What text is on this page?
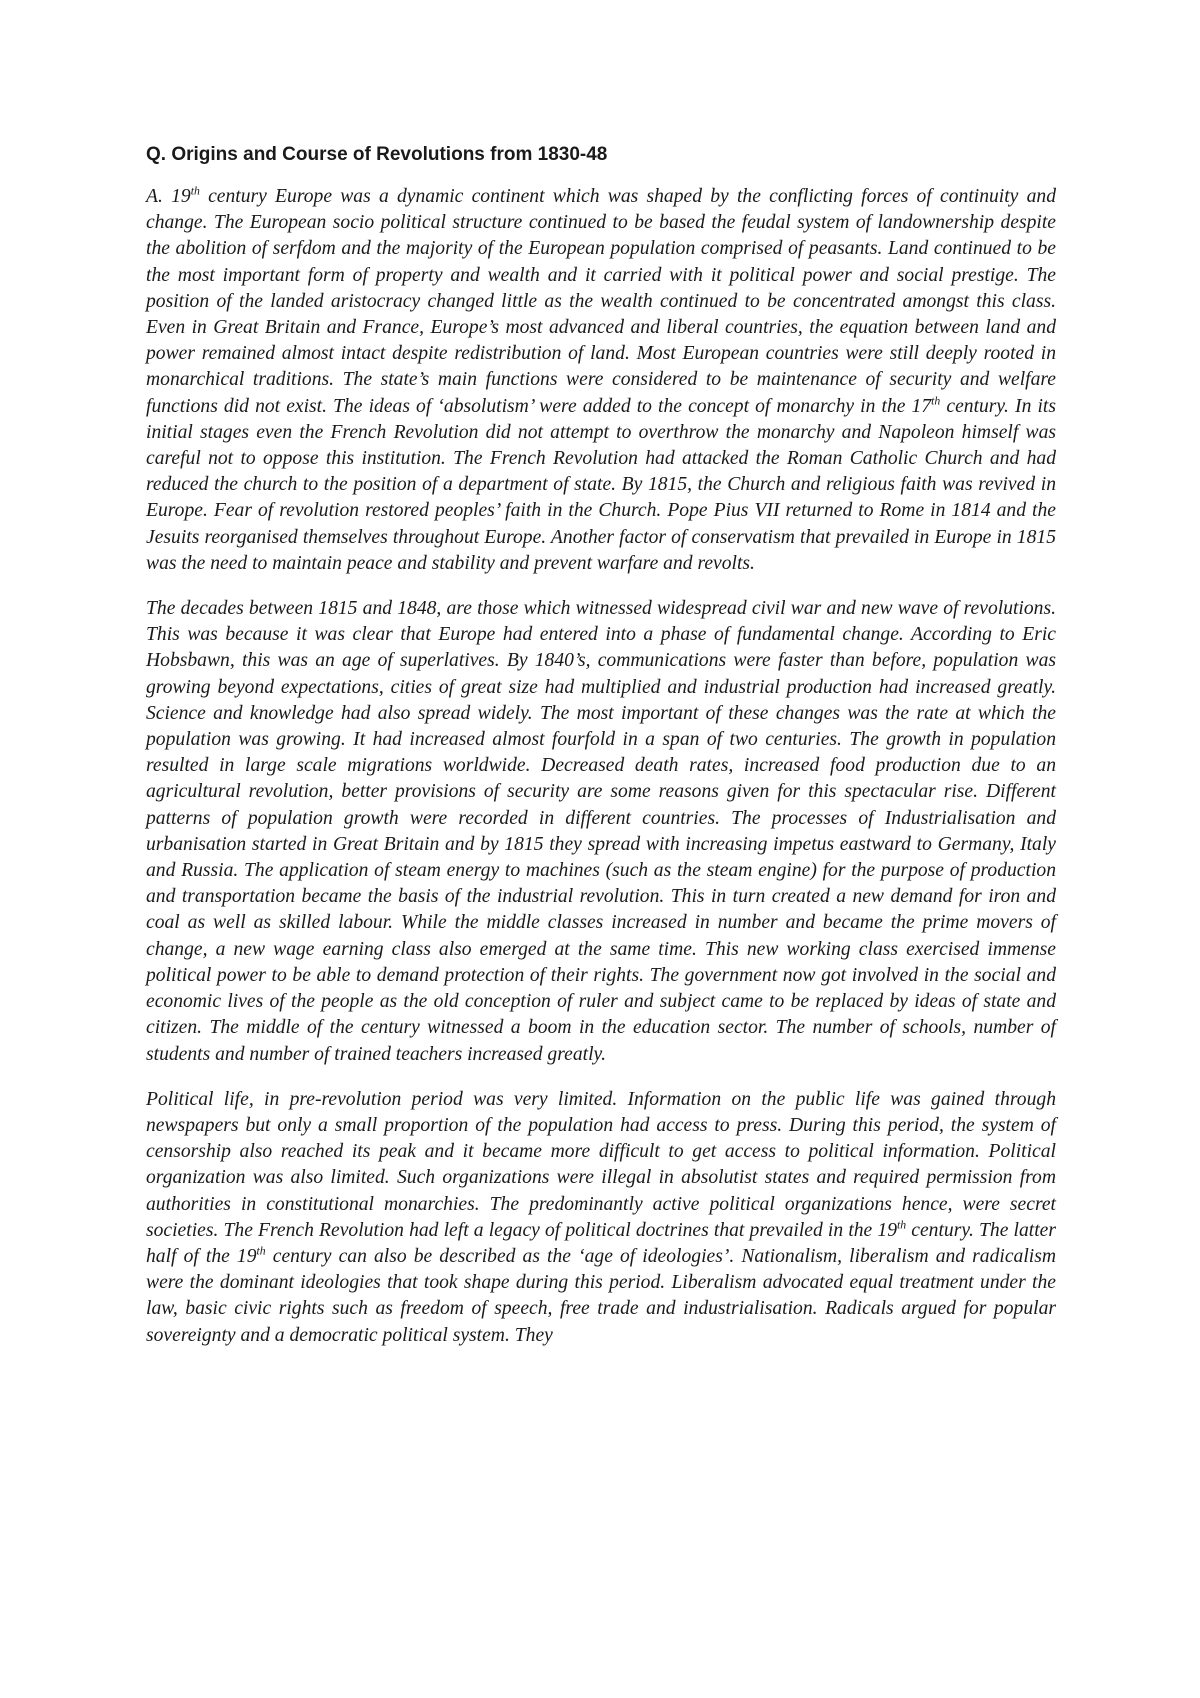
Q. Origins and Course of Revolutions from 1830-48

A. 19th century Europe was a dynamic continent which was shaped by the conflicting forces of continuity and change. The European socio political structure continued to be based the feudal system of landownership despite the abolition of serfdom and the majority of the European population comprised of peasants. Land continued to be the most important form of property and wealth and it carried with it political power and social prestige. The position of the landed aristocracy changed little as the wealth continued to be concentrated amongst this class. Even in Great Britain and France, Europe’s most advanced and liberal countries, the equation between land and power remained almost intact despite redistribution of land. Most European countries were still deeply rooted in monarchical traditions. The state’s main functions were considered to be maintenance of security and welfare functions did not exist. The ideas of ‘absolutism’ were added to the concept of monarchy in the 17th century. In its initial stages even the French Revolution did not attempt to overthrow the monarchy and Napoleon himself was careful not to oppose this institution. The French Revolution had attacked the Roman Catholic Church and had reduced the church to the position of a department of state. By 1815, the Church and religious faith was revived in Europe. Fear of revolution restored peoples’ faith in the Church. Pope Pius VII returned to Rome in 1814 and the Jesuits reorganised themselves throughout Europe. Another factor of conservatism that prevailed in Europe in 1815 was the need to maintain peace and stability and prevent warfare and revolts.

The decades between 1815 and 1848, are those which witnessed widespread civil war and new wave of revolutions. This was because it was clear that Europe had entered into a phase of fundamental change. According to Eric Hobsbawn, this was an age of superlatives. By 1840’s, communications were faster than before, population was growing beyond expectations, cities of great size had multiplied and industrial production had increased greatly. Science and knowledge had also spread widely. The most important of these changes was the rate at which the population was growing. It had increased almost fourfold in a span of two centuries. The growth in population resulted in large scale migrations worldwide. Decreased death rates, increased food production due to an agricultural revolution, better provisions of security are some reasons given for this spectacular rise. Different patterns of population growth were recorded in different countries. The processes of Industrialisation and urbanisation started in Great Britain and by 1815 they spread with increasing impetus eastward to Germany, Italy and Russia. The application of steam energy to machines (such as the steam engine) for the purpose of production and transportation became the basis of the industrial revolution. This in turn created a new demand for iron and coal as well as skilled labour. While the middle classes increased in number and became the prime movers of change, a new wage earning class also emerged at the same time. This new working class exercised immense political power to be able to demand protection of their rights. The government now got involved in the social and economic lives of the people as the old conception of ruler and subject came to be replaced by ideas of state and citizen. The middle of the century witnessed a boom in the education sector. The number of schools, number of students and number of trained teachers increased greatly.

Political life, in pre-revolution period was very limited. Information on the public life was gained through newspapers but only a small proportion of the population had access to press. During this period, the system of censorship also reached its peak and it became more difficult to get access to political information. Political organization was also limited. Such organizations were illegal in absolutist states and required permission from authorities in constitutional monarchies. The predominantly active political organizations hence, were secret societies. The French Revolution had left a legacy of political doctrines that prevailed in the 19th century. The latter half of the 19th century can also be described as the ‘age of ideologies’. Nationalism, liberalism and radicalism were the dominant ideologies that took shape during this period. Liberalism advocated equal treatment under the law, basic civic rights such as freedom of speech, free trade and industrialisation. Radicals argued for popular sovereignty and a democratic political system. They
